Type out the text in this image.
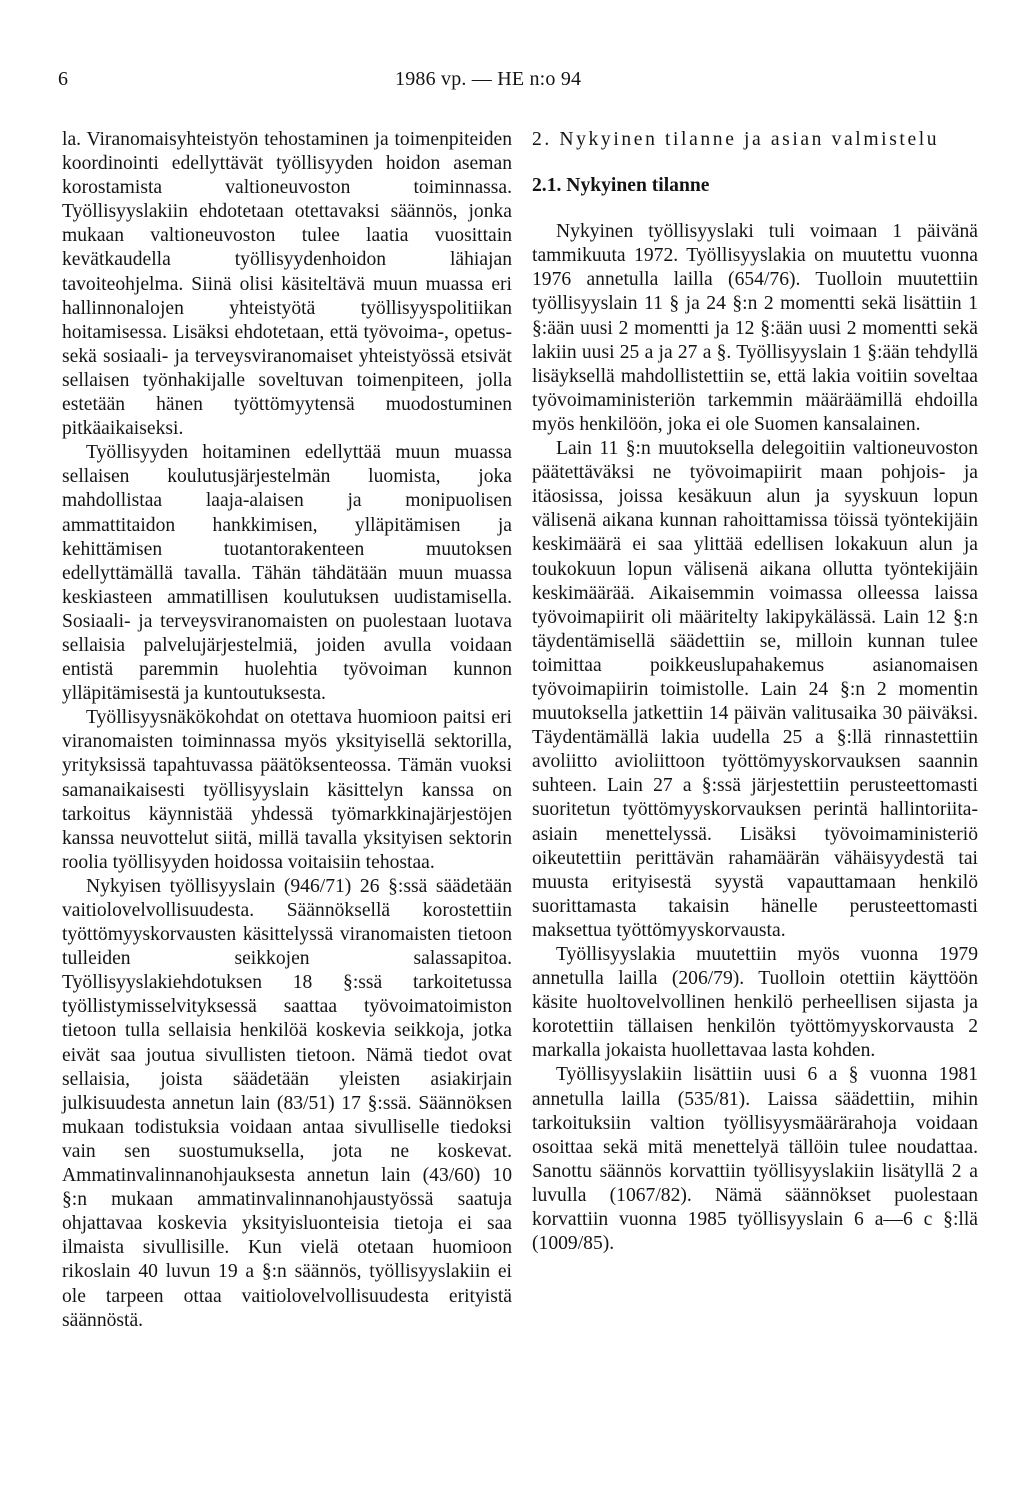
6	1986 vp. — HE n:o 94

la. Viranomaisyhteistyön tehostaminen ja toimenpiteiden koordinointi edellyttävät työllisyyden hoidon aseman korostamista valtioneuvoston toiminnassa. Työllisyyslakiin ehdotetaan otettavaksi säännös, jonka mukaan valtioneuvoston tulee laatia vuosittain kevätkaudella työllisyydenhoidon lähiajan tavoiteohjelma. Siinä olisi käsiteltävä muun muassa eri hallinnonalojen yhteistyötä työllisyyspolitiikan hoitamisessa. Lisäksi ehdotetaan, että työvoima-, opetus- sekä sosiaali- ja terveysviranomaiset yhteistyössä etsivät sellaisen työnhakijalle soveltuvan toimenpiteen, jolla estetään hänen työttömyytensä muodostuminen pitkäaikaiseksi.

Työllisyyden hoitaminen edellyttää muun muassa sellaisen koulutusjärjestelmän luomista, joka mahdollistaa laaja-alaisen ja monipuolisen ammattitaidon hankkimisen, ylläpitämisen ja kehittämisen tuotantorakenteen muutoksen edellyttämällä tavalla. Tähän tähdätään muun muassa keskiasteen ammatillisen koulutuksen uudistamisella. Sosiaali- ja terveysviranomaisten on puolestaan luotava sellaisia palvelujärjestelmiä, joiden avulla voidaan entistä paremmin huolehtia työvoiman kunnon ylläpitämisestä ja kuntoutuksesta.

Työllisyysnäkökohdat on otettava huomioon paitsi eri viranomaisten toiminnassa myös yksityisellä sektorilla, yrityksissä tapahtuvassa päätöksenteossa. Tämän vuoksi samanaikaisesti työllisyyslain käsittelyn kanssa on tarkoitus käynnistää yhdessä työmarkkinajärjestöjen kanssa neuvottelut siitä, millä tavalla yksityisen sektorin roolia työllisyyden hoidossa voitaisiin tehostaa.

Nykyisen työllisyyslain (946/71) 26 §:ssä säädetään vaitiolovelvollisuudesta. Säännöksellä korostettiin työttömyyskorvausten käsittelyssä viranomaisten tietoon tulleiden seikkojen salassapitoa. Työllisyyslakiehdotuksen 18 §:ssä tarkoitetussa työllistymisselvityksessä saattaa työvoimatoimiston tietoon tulla sellaisia henkilöä koskevia seikkoja, jotka eivät saa joutua sivullisten tietoon. Nämä tiedot ovat sellaisia, joista säädetään yleisten asiakirjain julkisuudesta annetun lain (83/51) 17 §:ssä. Säännöksen mukaan todistuksia voidaan antaa sivulliselle tiedoksi vain sen suostumuksella, jota ne koskevat. Ammatinvalinnanohjauksesta annetun lain (43/60) 10 §:n mukaan ammatinvalinnanohjaustyössä saatuja ohjattavaa koskevia yksityisluonteisia tietoja ei saa ilmaista sivullisille. Kun vielä otetaan huomioon rikoslain 40 luvun 19 a §:n säännös, työllisyyslakiin ei ole tarpeen ottaa vaitiolovelvollisuudesta erityistä säännöstä.

2. Nykyinen tilanne ja asian valmistelu

2.1. Nykyinen tilanne

Nykyinen työllisyyslaki tuli voimaan 1 päivänä tammikuuta 1972. Työllisyyslakia on muutettu vuonna 1976 annetulla lailla (654/76). Tuolloin muutettiin työllisyyslain 11 § ja 24 §:n 2 momentti sekä lisättiin 1 §:ään uusi 2 momentti ja 12 §:ään uusi 2 momentti sekä lakiin uusi 25 a ja 27 a §. Työllisyyslain 1 §:ään tehdyllä lisäyksellä mahdollistettiin se, että lakia voitiin soveltaa työvoimaministeriön tarkemmin määräämillä ehdoilla myös henkilöön, joka ei ole Suomen kansalainen.

Lain 11 §:n muutoksella delegoitiin valtioneuvoston päätettäväksi ne työvoimapiirit maan pohjois- ja itäosissa, joissa kesäkuun alun ja syyskuun lopun välisenä aikana kunnan rahoittamissa töissä työntekijäin keskimäärä ei saa ylittää edellisen lokakuun alun ja toukokuun lopun välisenä aikana ollutta työntekijäin keskimäärää. Aikaisemmin voimassa olleessa laissa työvoimapiirit oli määritelty lakipykälässä. Lain 12 §:n täydentämisellä säädettiin se, milloin kunnan tulee toimittaa poikkeuslupahakemus asianomaisen työvoimapiirin toimistolle. Lain 24 §:n 2 momentin muutoksella jatkettiin 14 päivän valitusaika 30 päiväksi. Täydentämällä lakia uudella 25 a §:llä rinnastettiin avoliitto avioliittoon työttömyyskorvauksen saannin suhteen. Lain 27 a §:ssä järjestettiin perusteettomasti suoritetun työttömyyskorvauksen perintä hallintoriita-asiain menettelyssä. Lisäksi työvoimaministeriö oikeutettiin perittävän rahamäärän vähäisyydestä tai muusta erityisestä syystä vapauttamaan henkilö suorittamasta takaisin hänelle perusteettomasti maksettua työttömyyskorvausta.

Työllisyyslakia muutettiin myös vuonna 1979 annetulla lailla (206/79). Tuolloin otettiin käyttöön käsite huoltovelvollinen henkilö perheellisen sijasta ja korotettiin tällaisen henkilön työttömyyskorvausta 2 markalla jokaista huollettavaa lasta kohden.

Työllisyyslakiin lisättiin uusi 6 a § vuonna 1981 annetulla lailla (535/81). Laissa säädettiin, mihin tarkoituksiin valtion työllisyysmäärärahoja voidaan osoittaa sekä mitä menettelyä tällöin tulee noudattaa. Sanottu säännös korvattiin työllisyyslakiin lisätyllä 2 a luvulla (1067/82). Nämä säännökset puolestaan korvattiin vuonna 1985 työllisyyslain 6 a—6 c §:llä (1009/85).
